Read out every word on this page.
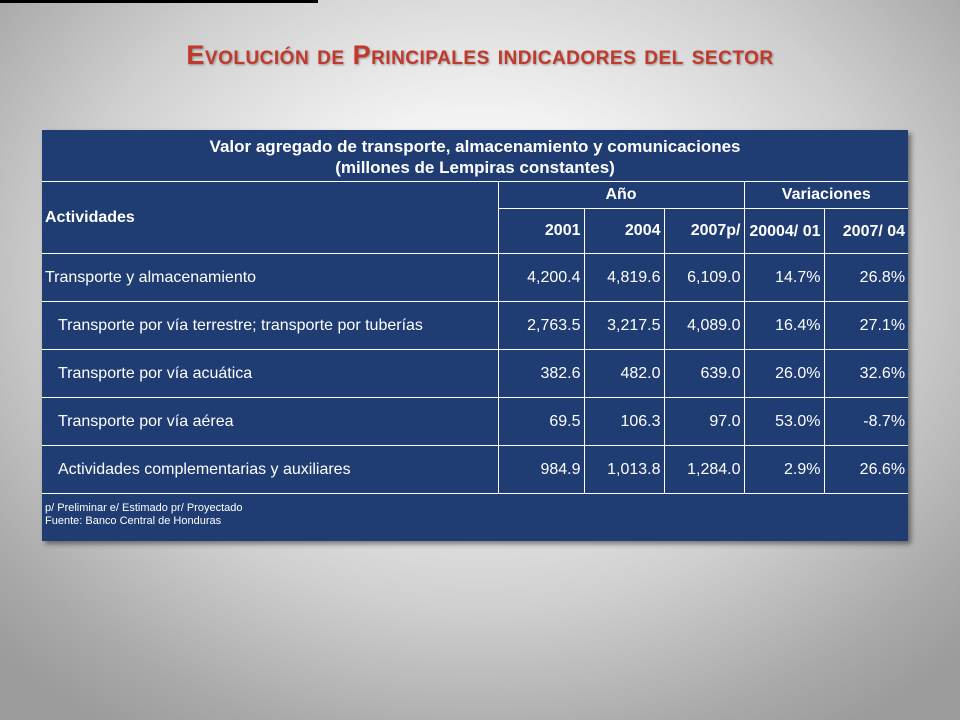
Evolución de Principales indicadores del sector
Valor agregado de transporte, almacenamiento y comunicaciones
(millones de Lempiras constantes)					

Actividades	Año			Variaciones	
	2001	2004	2007p/	20004/ 01	2007/ 04
Transporte y almacenamiento	4,200.4	4,819.6	6,109.0	14.7%	26.8%
Transporte por vía terrestre; transporte por tuberías	2,763.5	3,217.5	4,089.0	16.4%	27.1%
Transporte por vía acuática	382.6	482.0	639.0	26.0%	32.6%
Transporte por vía aérea	69.5	106.3	97.0	53.0%	-8.7%
Actividades complementarias y auxiliares	984.9	1,013.8	1,284.0	2.9%	26.6%

p/ Preliminar e/ Estimado pr/ Proyectado
Fuente: Banco Central de Honduras					
